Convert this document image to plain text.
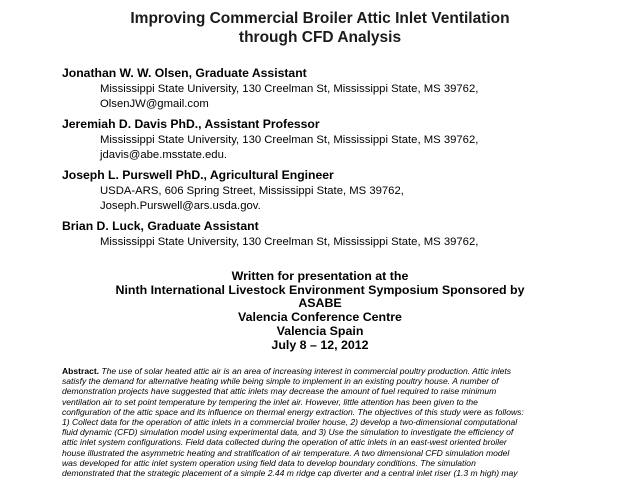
Improving Commercial Broiler Attic Inlet Ventilation
through CFD Analysis
Jonathan W. W. Olsen, Graduate Assistant
Mississippi State University, 130 Creelman St, Mississippi State, MS 39762,
OlsenJW@gmail.com
Jeremiah D. Davis PhD., Assistant Professor
Mississippi State University, 130 Creelman St, Mississippi State, MS 39762,
jdavis@abe.msstate.edu.
Joseph L. Purswell PhD., Agricultural Engineer
USDA-ARS, 606 Spring Street, Mississippi State, MS 39762,
Joseph.Purswell@ars.usda.gov.
Brian D. Luck, Graduate Assistant
Mississippi State University, 130 Creelman St, Mississippi State, MS 39762,
Written for presentation at the
Ninth International Livestock Environment Symposium Sponsored by
ASABE
Valencia Conference Centre
Valencia Spain
July 8 – 12, 2012
Abstract. The use of solar heated attic air is an area of increasing interest in commercial poultry production. Attic inlets
satisfy the demand for alternative heating while being simple to implement in an existing poultry house. A number of
demonstration projects have suggested that attic inlets may decrease the amount of fuel required to raise minimum
ventilation air to set point temperature by tempering the inlet air. However, little attention has been given to the
configuration of the attic space and its influence on thermal energy extraction. The objectives of this study were as follows:
1) Collect data for the operation of attic inlets in a commercial broiler house, 2) develop a two-dimensional computational
fluid dynamic (CFD) simulation model using experimental data, and 3) Use the simulation to investigate the efficiency of
attic inlet system configurations. Field data collected during the operation of attic inlets in an east-west oriented broiler
house illustrated the asymmetric heating and stratification of air temperature. A two dimensional CFD simulation model
was developed for attic inlet system operation using field data to develop boundary conditions. The simulation
demonstrated that the strategic placement of a simple 2.44 m ridge cap diverter and a central inlet riser (1.3 m high) may
